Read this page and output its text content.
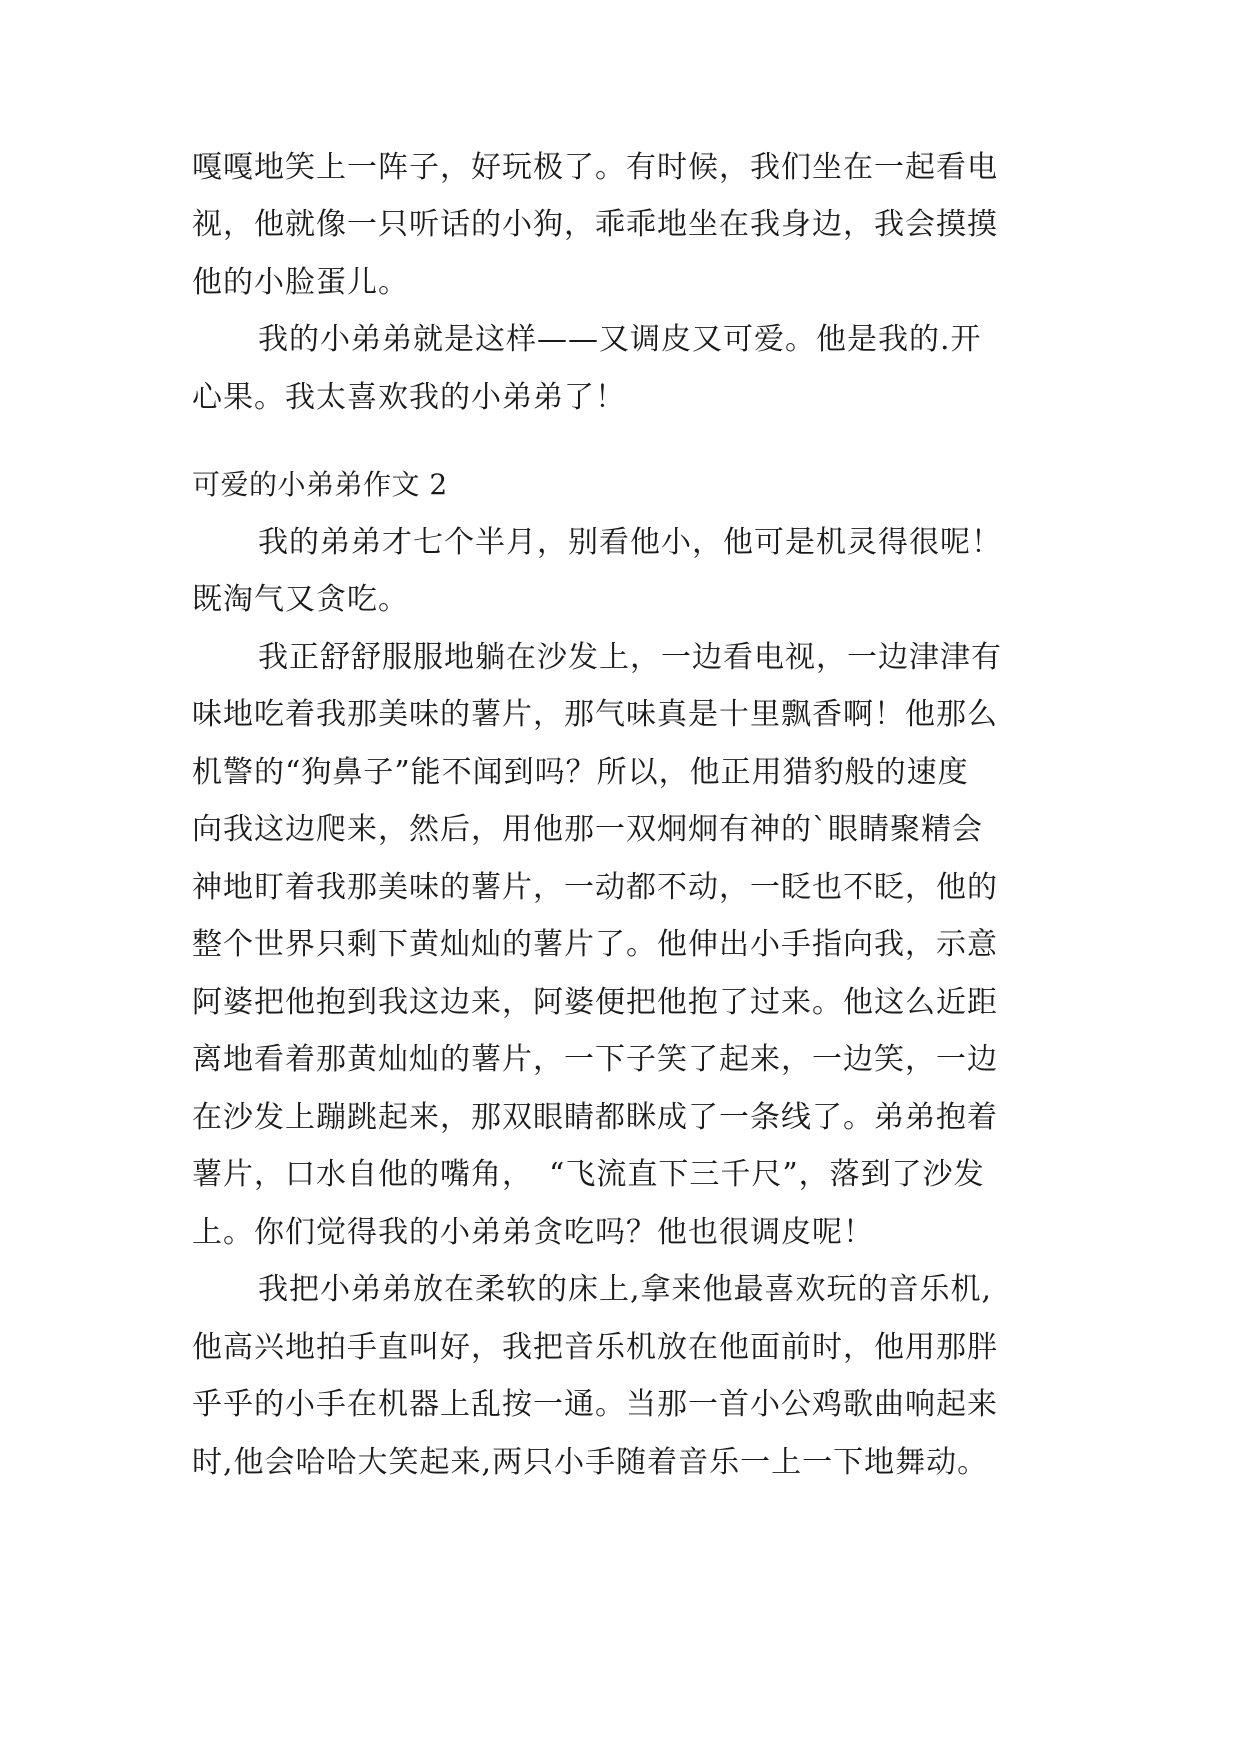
嘎嘎地笑上一阵子，好玩极了。有时候，我们坐在一起看电
视，他就像一只听话的小狗，乖乖地坐在我身边，我会摸摸
他的小脸蛋儿。
我的小弟弟就是这样——又调皮又可爱。他是我的.开
心果。我太喜欢我的小弟弟了！
可爱的小弟弟作文 2
我的弟弟才七个半月，别看他小，他可是机灵得很呢！
既淘气又贪吃。
我正舒舒服服地躺在沙发上，一边看电视，一边津津有
味地吃着我那美味的薯片，那气味真是十里飘香啊！他那么
机警的“狗鼻子”能不闻到吗？所以，他正用猎豹般的速度
向我这边爬来，然后，用他那一双炯炯有神的`眼睛聚精会
神地盯着我那美味的薯片，一动都不动，一眨也不眨，他的
整个世界只剩下黄灿灿的薯片了。他伸出小手指向我，示意
阿婆把他抱到我这边来，阿婆便把他抱了过来。他这么近距
离地看着那黄灿灿的薯片，一下子笑了起来，一边笑，一边
在沙发上蹦跳起来，那双眼睛都眯成了一条线了。弟弟抱着
薯片，口水自他的嘴角，　“飞流直下三千尺”，落到了沙发
上。你们觉得我的小弟弟贪吃吗？他也很调皮呢！
我把小弟弟放在柔软的床上,拿来他最喜欢玩的音乐机,
他高兴地拍手直叫好，我把音乐机放在他面前时，他用那胖
乎乎的小手在机器上乱按一通。当那一首小公鸡歌曲响起来
时,他会哈哈大笑起来,两只小手随着音乐一上一下地舞动。
